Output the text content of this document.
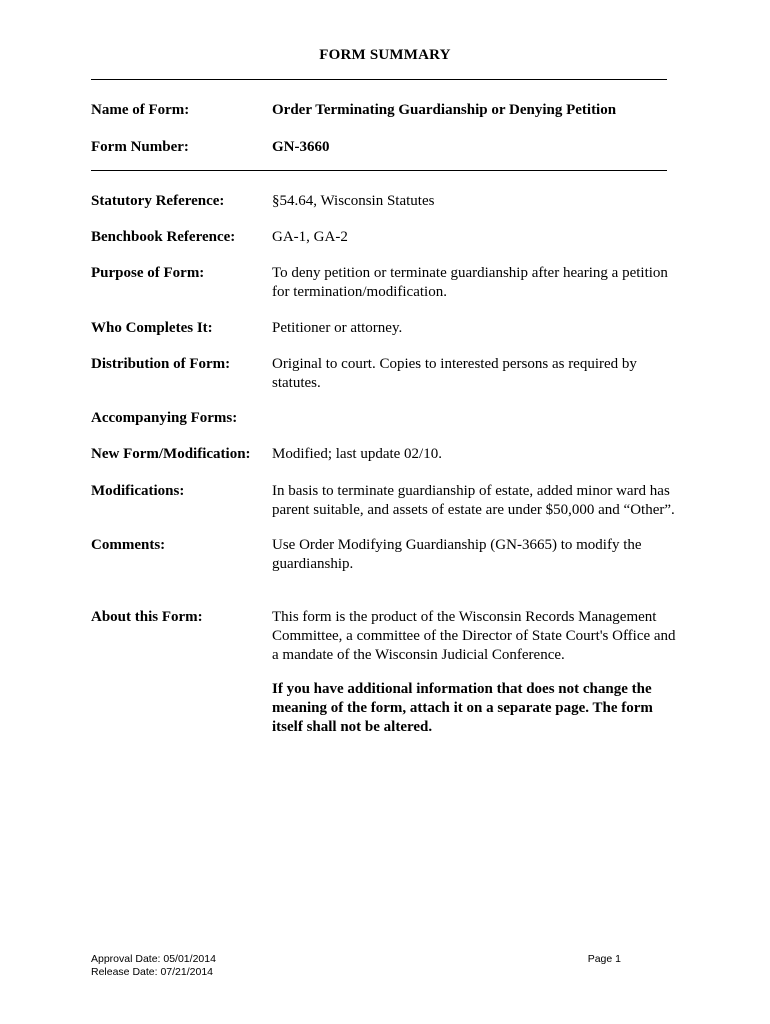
FORM SUMMARY
Name of Form:	Order Terminating Guardianship or Denying Petition
Form Number:	GN-3660
Statutory Reference:	§54.64, Wisconsin Statutes
Benchbook Reference: GA-1, GA-2
Purpose of Form:	To deny petition or terminate guardianship after hearing a petition for termination/modification.
Who Completes It:	Petitioner or attorney.
Distribution of Form:	Original to court. Copies to interested persons as required by statutes.
Accompanying Forms:
New Form/Modification: Modified; last update 02/10.
Modifications:	In basis to terminate guardianship of estate, added minor ward has parent suitable, and assets of estate are under $50,000 and “Other”.
Comments:	Use Order Modifying Guardianship (GN-3665) to modify the guardianship.
About this Form:	This form is the product of the Wisconsin Records Management Committee, a committee of the Director of State Court's Office and a mandate of the Wisconsin Judicial Conference.
If you have additional information that does not change the meaning of the form, attach it on a separate page. The form itself shall not be altered.
Approval Date: 05/01/2014
Release Date: 07/21/2014
Page 1
